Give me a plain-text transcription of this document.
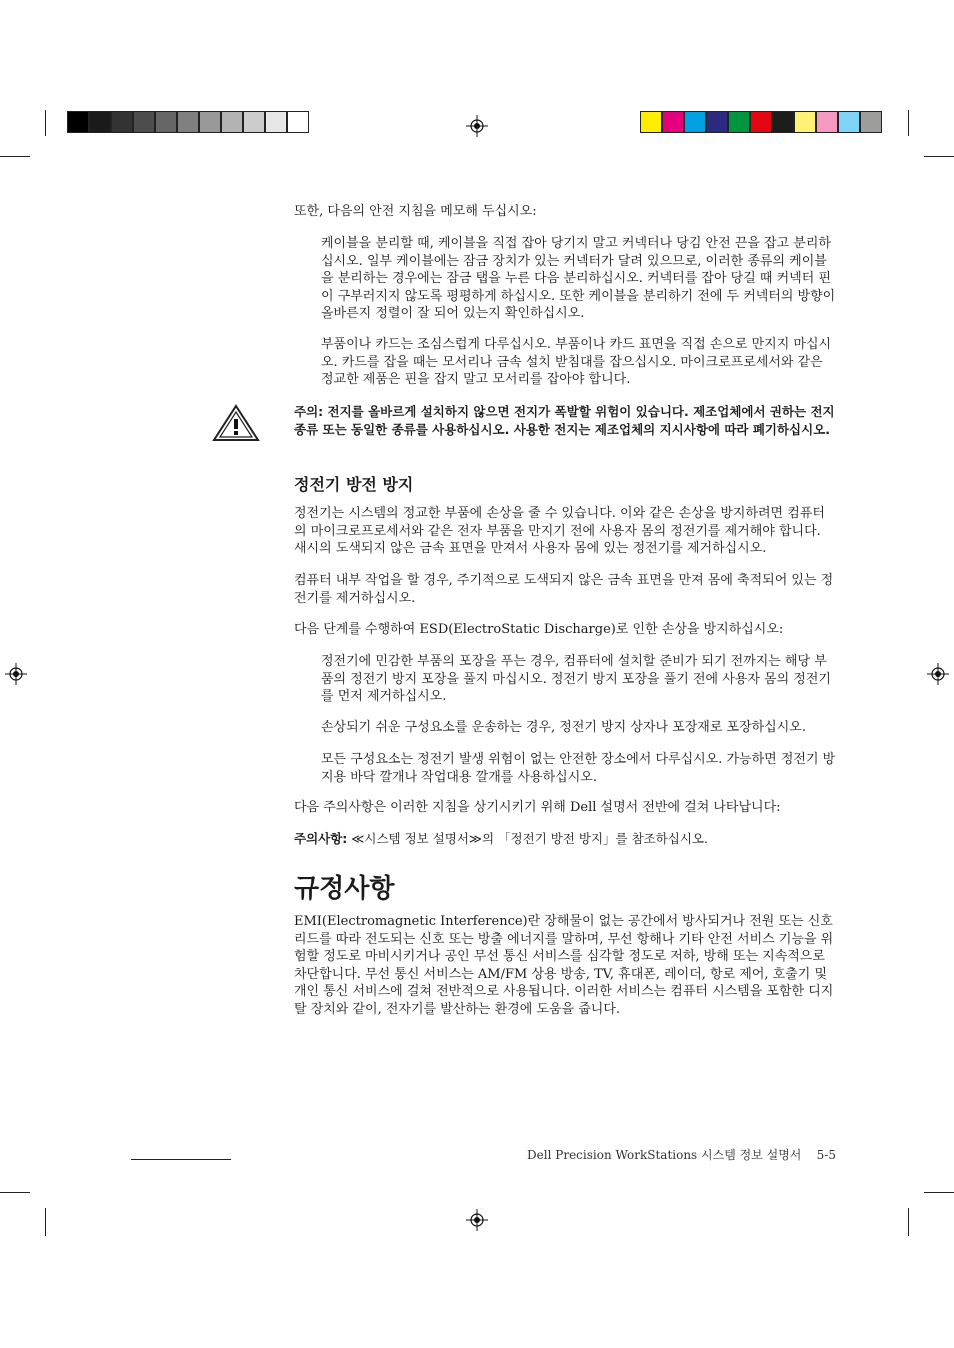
또한, 다음의 안전 지침을 메모해 두십시오:

케이블을 분리할 때, 케이블을 직접 잡아 당기지 말고 커넥터나 당김 안전 끈을 잡고 분리하십시오. 일부 케이블에는 잠금 장치가 있는 커넥터가 달려 있으므로, 이러한 종류의 케이블을 분리하는 경우에는 잠금 탭을 누른 다음 분리하십시오. 커넥터를 잡아 당길 때 커넥터 핀이 구부러지지 않도록 평평하게 하십시오. 또한 케이블을 분리하기 전에 두 커넥터의 방향이 올바른지 정렬이 잘 되어 있는지 확인하십시오.

부품이나 카드는 조심스럽게 다루십시오. 부품이나 카드 표면을 직접 손으로 만지지 마십시오. 카드를 잡을 때는 모서리나 금속 설치 받침대를 잡으십시오. 마이크로프로세서와 같은 정교한 제품은 핀을 잡지 말고 모서리를 잡아야 합니다.

주의: 전지를 올바르게 설치하지 않으면 전지가 폭발할 위험이 있습니다. 제조업체에서 권하는 전지 종류 또는 동일한 종류를 사용하십시오. 사용한 전지는 제조업체의 지시사항에 따라 폐기하십시오.

정전기 방전 방지

정전기는 시스템의 정교한 부품에 손상을 줄 수 있습니다. 이와 같은 손상을 방지하려면 컴퓨터의 마이크로프로세서와 같은 전자 부품을 만지기 전에 사용자 몸의 정전기를 제거해야 합니다. 새시의 도색되지 않은 금속 표면을 만져서 사용자 몸에 있는 정전기를 제거하십시오.

컴퓨터 내부 작업을 할 경우, 주기적으로 도색되지 않은 금속 표면을 만져 몸에 축적되어 있는 정전기를 제거하십시오.

다음 단계를 수행하여 ESD(ElectroStatic Discharge)로 인한 손상을 방지하십시오:

정전기에 민감한 부품의 포장을 푸는 경우, 컴퓨터에 설치할 준비가 되기 전까지는 해당 부품의 정전기 방지 포장을 풀지 마십시오. 정전기 방지 포장을 풀기 전에 사용자 몸의 정전기를 먼저 제거하십시오.

손상되기 쉬운 구성요소를 운송하는 경우, 정전기 방지 상자나 포장재로 포장하십시오.

모든 구성요소는 정전기 발생 위험이 없는 안전한 장소에서 다루십시오. 가능하면 정전기 방지용 바닥 깔개나 작업대용 깔개를 사용하십시오.

다음 주의사항은 이러한 지침을 상기시키기 위해 Dell 설명서 전반에 걸쳐 나타납니다:

주의사항: ≪시스템 정보 설명서≫의 「정전기 방전 방지」를 참조하십시오.

규정사항

EMI(Electromagnetic Interference)란 장해물이 없는 공간에서 방사되거나 전원 또는 신호 리드를 따라 전도되는 신호 또는 방출 에너지를 말하며, 무선 항해나 기타 안전 서비스 기능을 위험할 정도로 마비시키거나 공인 무선 통신 서비스를 심각할 정도로 저하, 방해 또는 지속적으로 차단합니다. 무선 통신 서비스는 AM/FM 상용 방송, TV, 휴대폰, 레이더, 항로 제어, 호출기 및 개인 통신 서비스에 걸쳐 전반적으로 사용됩니다. 이러한 서비스는 컴퓨터 시스템을 포함한 디지탈 장치와 같이, 전자기를 발산하는 환경에 도움을 줍니다.

Dell Precision WorkStations 시스템 정보 설명서 5-5
